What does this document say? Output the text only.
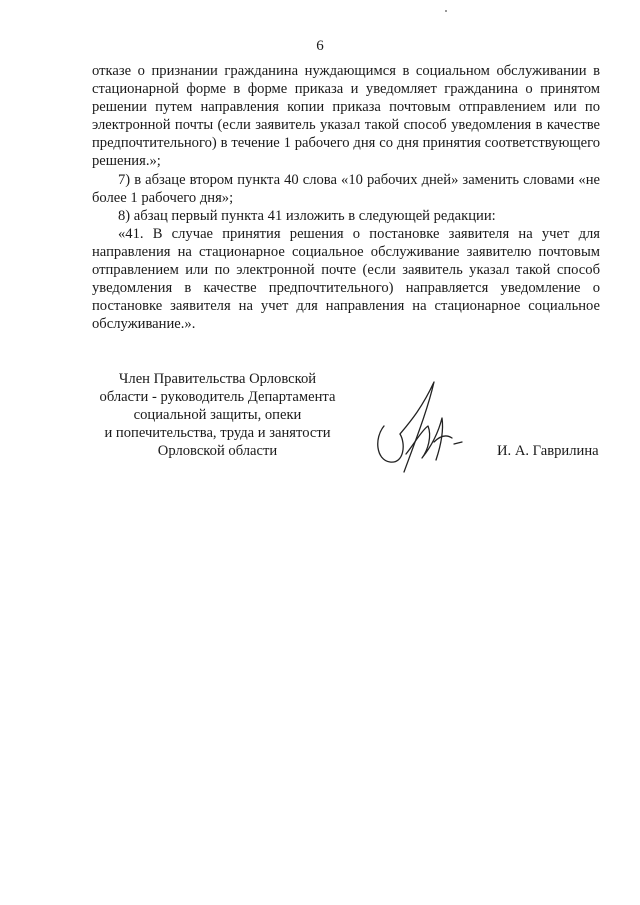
6

отказе о признании гражданина нуждающимся в социальном обслуживании в стационарной форме в форме приказа и уведомляет гражданина о принятом решении путем направления копии приказа почтовым отправлением или по электронной почты (если заявитель указал такой способ уведомления в качестве предпочтительного) в течение 1 рабочего дня со дня принятия соответствующего решения.»;

7) в абзаце втором пункта 40 слова «10 рабочих дней» заменить словами «не более 1 рабочего дня»;

8) абзац первый пункта 41 изложить в следующей редакции:

«41. В случае принятия решения о постановке заявителя на учет для направления на стационарное социальное обслуживание заявителю почтовым отправлением или по электронной почте (если заявитель указал такой способ уведомления в качестве предпочтительного) направляется уведомление о постановке заявителя на учет для направления на стационарное социальное обслуживание.».

Член Правительства Орловской
области - руководитель Департамента
социальной защиты, опеки
и попечительства, труда и занятости
Орловской области	И. А. Гаврилина
